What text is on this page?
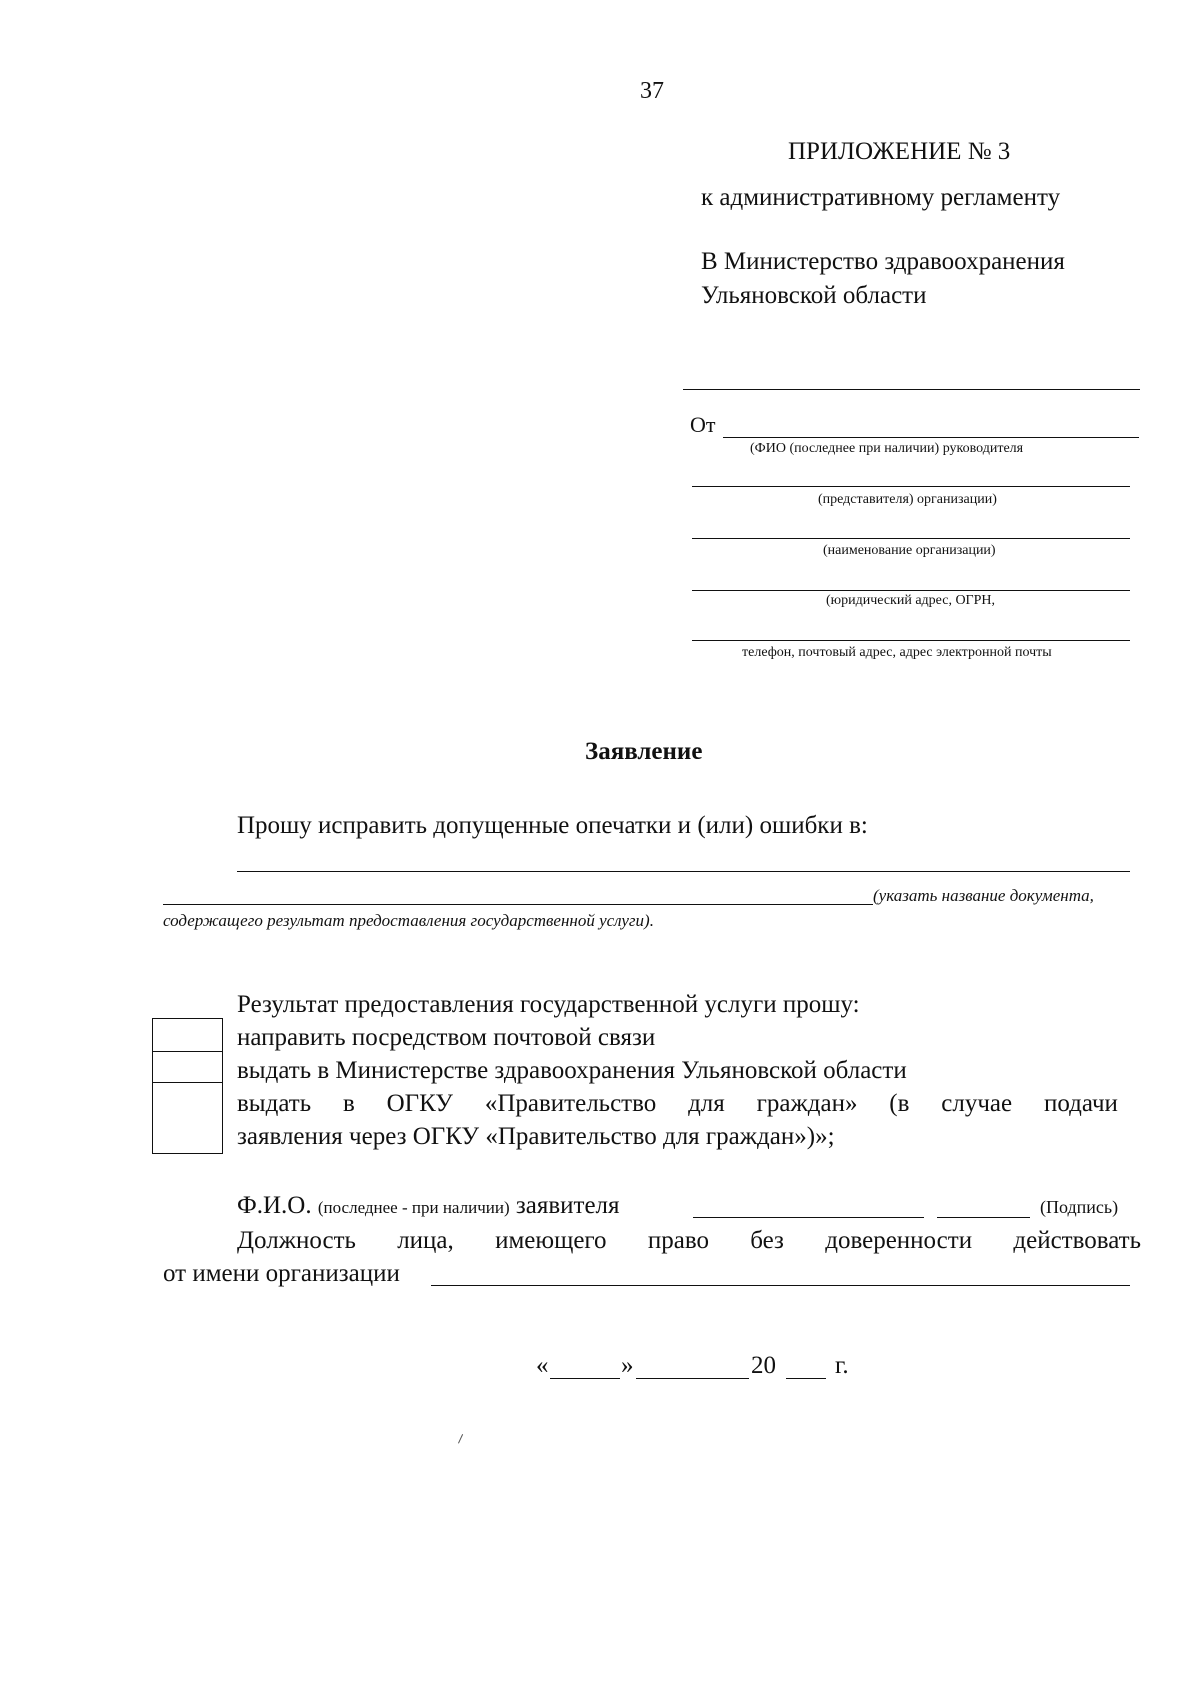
37
ПРИЛОЖЕНИЕ № 3
к административному регламенту
В Министерство здравоохранения
Ульяновской области
От
(ФИО (последнее при наличии) руководителя
(представителя) организации)
(наименование организации)
(юридический адрес, ОГРН,
телефон, почтовый адрес, адрес электронной почты
Заявление
Прошу исправить допущенные опечатки и (или) ошибки в:
(указать название документа,
содержащего результат предоставления государственной услуги).
Результат предоставления государственной услуги прошу:
направить посредством почтовой связи
выдать в Министерстве здравоохранения Ульяновской области
выдать в ОГКУ «Правительство для граждан» (в случае подачи
заявления через ОГКУ «Правительство для граждан»)»;
Ф.И.О. (последнее - при наличии) заявителя	(Подпись)
Должность лица, имеющего право без доверенности действовать
от имени организации
«	»	20 г.
